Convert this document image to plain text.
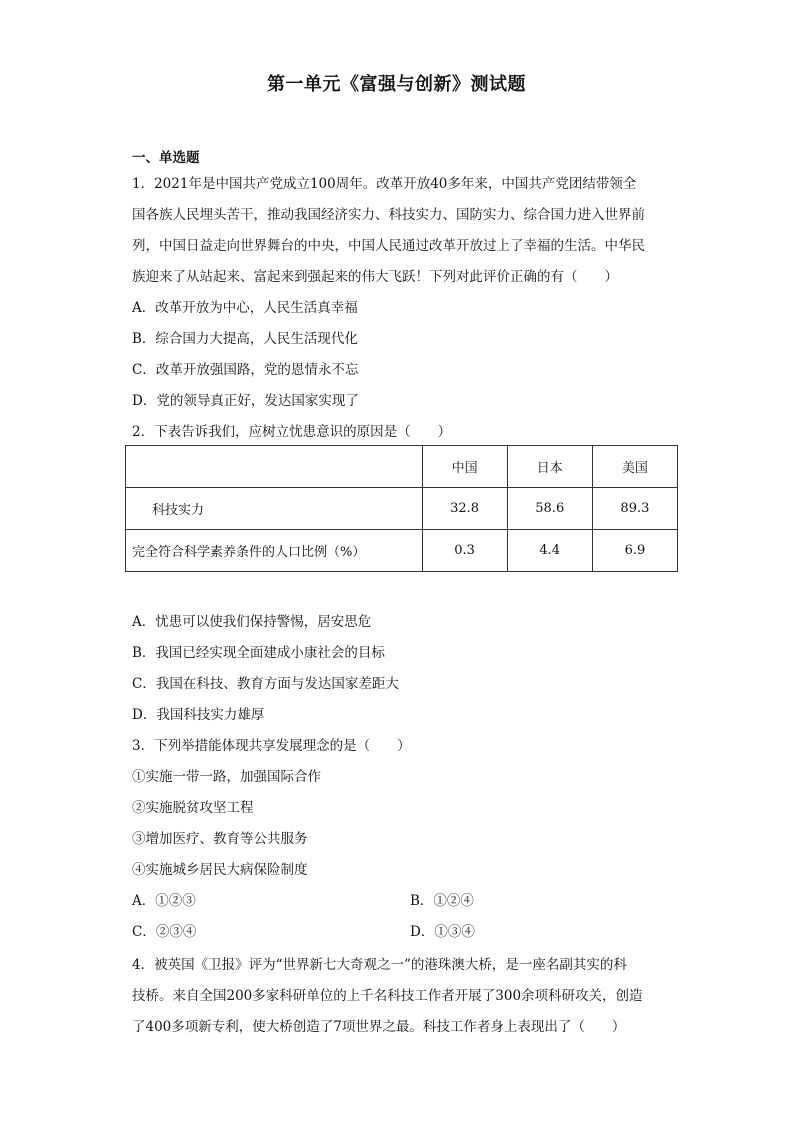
第一单元《富强与创新》测试题
一、单选题
1．2021年是中国共产党成立100周年。改革开放40多年来，中国共产党团结带领全
国各族人民埋头苦干，推动我国经济实力、科技实力、国防实力、综合国力进入世界前
列，中国日益走向世界舞台的中央，中国人民通过改革开放过上了幸福的生活。中华民
族迎来了从站起来、富起来到强起来的伟大飞跃！下列对此评价正确的有（　　）
A．改革开放为中心，人民生活真幸福
B．综合国力大提高，人民生活现代化
C．改革开放强国路，党的恩情永不忘
D．党的领导真正好，发达国家实现了
2．下表告诉我们，应树立忧患意识的原因是（　　）
	中国	日本	美国
科技实力	32.8	58.6	89.3
完全符合科学素养条件的人口比例（%）	0.3	4.4	6.9
A．忧患可以使我们保持警惕，居安思危
B．我国已经实现全面建成小康社会的目标
C．我国在科技、教育方面与发达国家差距大
D．我国科技实力雄厚
3．下列举措能体现共享发展理念的是（　　）
①实施一带一路，加强国际合作
②实施脱贫攻坚工程
③增加医疗、教育等公共服务
④实施城乡居民大病保险制度
A．①②③	B．①②④
C．②③④	D．①③④
4．被英国《卫报》评为“世界新七大奇观之一”的港珠澳大桥，是一座名副其实的科
技桥。来自全国200多家科研单位的上千名科技工作者开展了300余项科研攻关，创造
了400多项新专利，使大桥创造了7项世界之最。科技工作者身上表现出了（　　）
